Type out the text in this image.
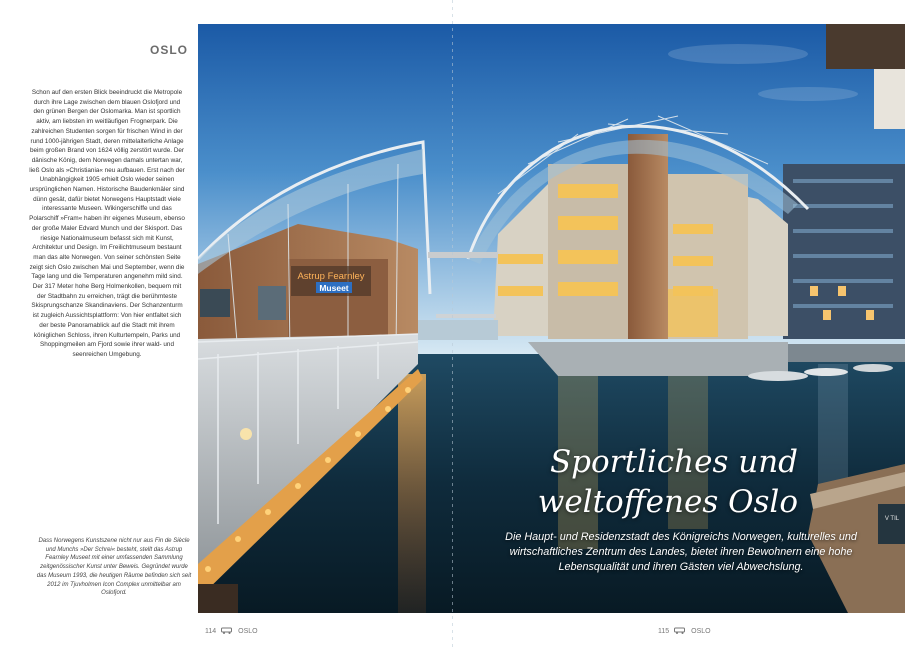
OSLO

Schon auf den ersten Blick beeindruckt die Metropole durch ihre Lage zwischen dem blauen Oslofjord und den grünen Bergen der Oslomarka. Man ist sportlich aktiv, am liebsten im weitläufigen Frognerpark. Die zahlreichen Studenten sorgen für frischen Wind in der rund 1000-jährigen Stadt, deren mittelalterliche Anlage beim großen Brand von 1624 völlig zerstört wurde. Der dänische König, dem Norwegen damals untertan war, ließ Oslo als »Christiania« neu aufbauen. Erst nach der Unabhängigkeit 1905 erhielt Oslo wieder seinen ursprünglichen Namen. Historische Baudenkmäler sind dünn gesät, dafür bietet Norwegens Hauptstadt viele interessante Museen. Wikingerschiffe und das Polarschiff »Fram« haben ihr eigenes Museum, ebenso der große Maler Edvard Munch und der Skisport. Das riesige Nationalmuseum befasst sich mit Kunst, Architektur und Design. Im Freilichtmuseum bestaunt man das alte Norwegen. Von seiner schönsten Seite zeigt sich Oslo zwischen Mai und September, wenn die Tage lang und die Temperaturen angenehm mild sind. Der 317 Meter hohe Berg Holmenkollen, bequem mit der Stadtbahn zu erreichen, trägt die berühmteste Skisprungschanze Skandinaviens. Der Schanzenturm ist zugleich Aussichtsplattform: Von hier entfaltet sich der beste Panoramablick auf die Stadt mit ihrem königlichen Schloss, ihren Kulturtempeln, Parks und Shoppingmeilen am Fjord sowie ihrer wald- und seenreichen Umgebung.

Dass Norwegens Kunstszene nicht nur aus Fin de Siècle und Munchs »Der Schrei« besteht, stellt das Astrup Fearnley Museet mit einer umfassenden Sammlung zeitgenössischer Kunst unter Beweis. Gegründet wurde das Museum 1993, die heutigen Räume befinden sich seit 2012 im Tjuvholmen Icon Complex unmittelbar am Oslofjord.

Astrup Fearnley
Museet
V TIL
Sportliches und
weltoffenes Oslo

Die Haupt- und Residenzstadt des Königreichs Norwegen, kulturelles und wirtschaftliches Zentrum des Landes, bietet ihren Bewohnern eine hohe Lebensqualität und ihren Gästen viel Abwechslung.

114	OSLO	115	OSLO
